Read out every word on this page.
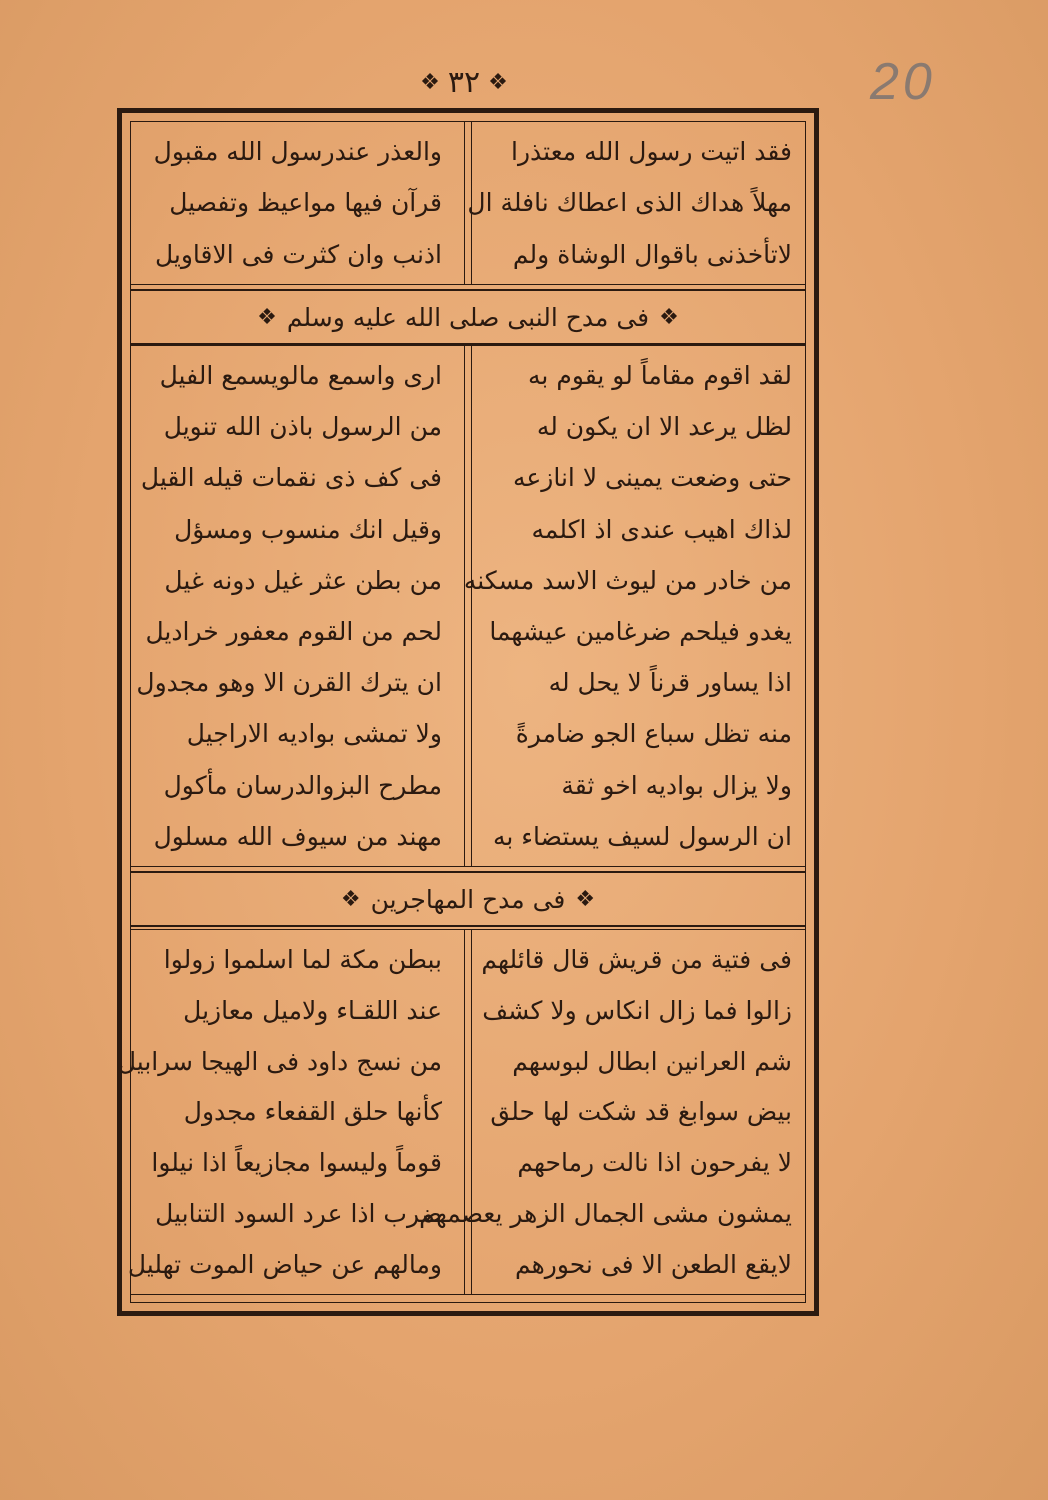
❖
٣٢
❖	20
فقد اتيت رسول الله معتذرا
مهلاً هداك الذى اعطاك نافلة ال
لاتأخذنى باقوال الوشاة ولم
والعذر عندرسول الله مقبول
قرآن فيها مواعيظ وتفصيل
اذنب وان كثرت فى الاقاويل
❖
فى مدح النبى صلى الله عليه وسلم
❖
لقد اقوم مقاماً لو يقوم به
لظل يرعد الا ان يكون له
حتى وضعت يمينى لا انازعه
لذاك اهيب عندى اذ اكلمه
من خادر من ليوث الاسد مسكنه
يغدو فيلحم ضرغامين عيشهما
اذا يساور قرناً لا يحل له
منه تظل سباع الجو ضامرةً
ولا يزال بواديه اخو ثقة
ان الرسول لسيف يستضاء به
ارى واسمع مالويسمع الفيل
من الرسول باذن الله تنويل
فى كف ذى نقمات قيله القيل
وقيل انك منسوب ومسؤل
من بطن عثر غيل دونه غيل
لحم من القوم معفور خراديل
ان يترك القرن الا وهو مجدول
ولا تمشى بواديه الاراجيل
مطرح البزوالدرسان مأكول
مهند من سيوف الله مسلول
❖
فى مدح المهاجرين
❖
فى فتية من قريش قال قائلهم
زالوا فما زال انكاس ولا كشف
شم العرانين ابطال لبوسهم
بيض سوابغ قد شكت لها حلق
لا يفرحون اذا نالت رماحهم
يمشون مشى الجمال الزهر يعصمهم
لايقع الطعن الا فى نحورهم
ببطن مكة لما اسلموا زولوا
عند اللقـاء ولاميل معازيل
من نسج داود فى الهيجا سرابيل
كأنها حلق القفعاء مجدول
قوماً وليسوا مجازيعاً اذا نيلوا
ضرب اذا عرد السود التنابيل
ومالهم عن حياض الموت تهليل
